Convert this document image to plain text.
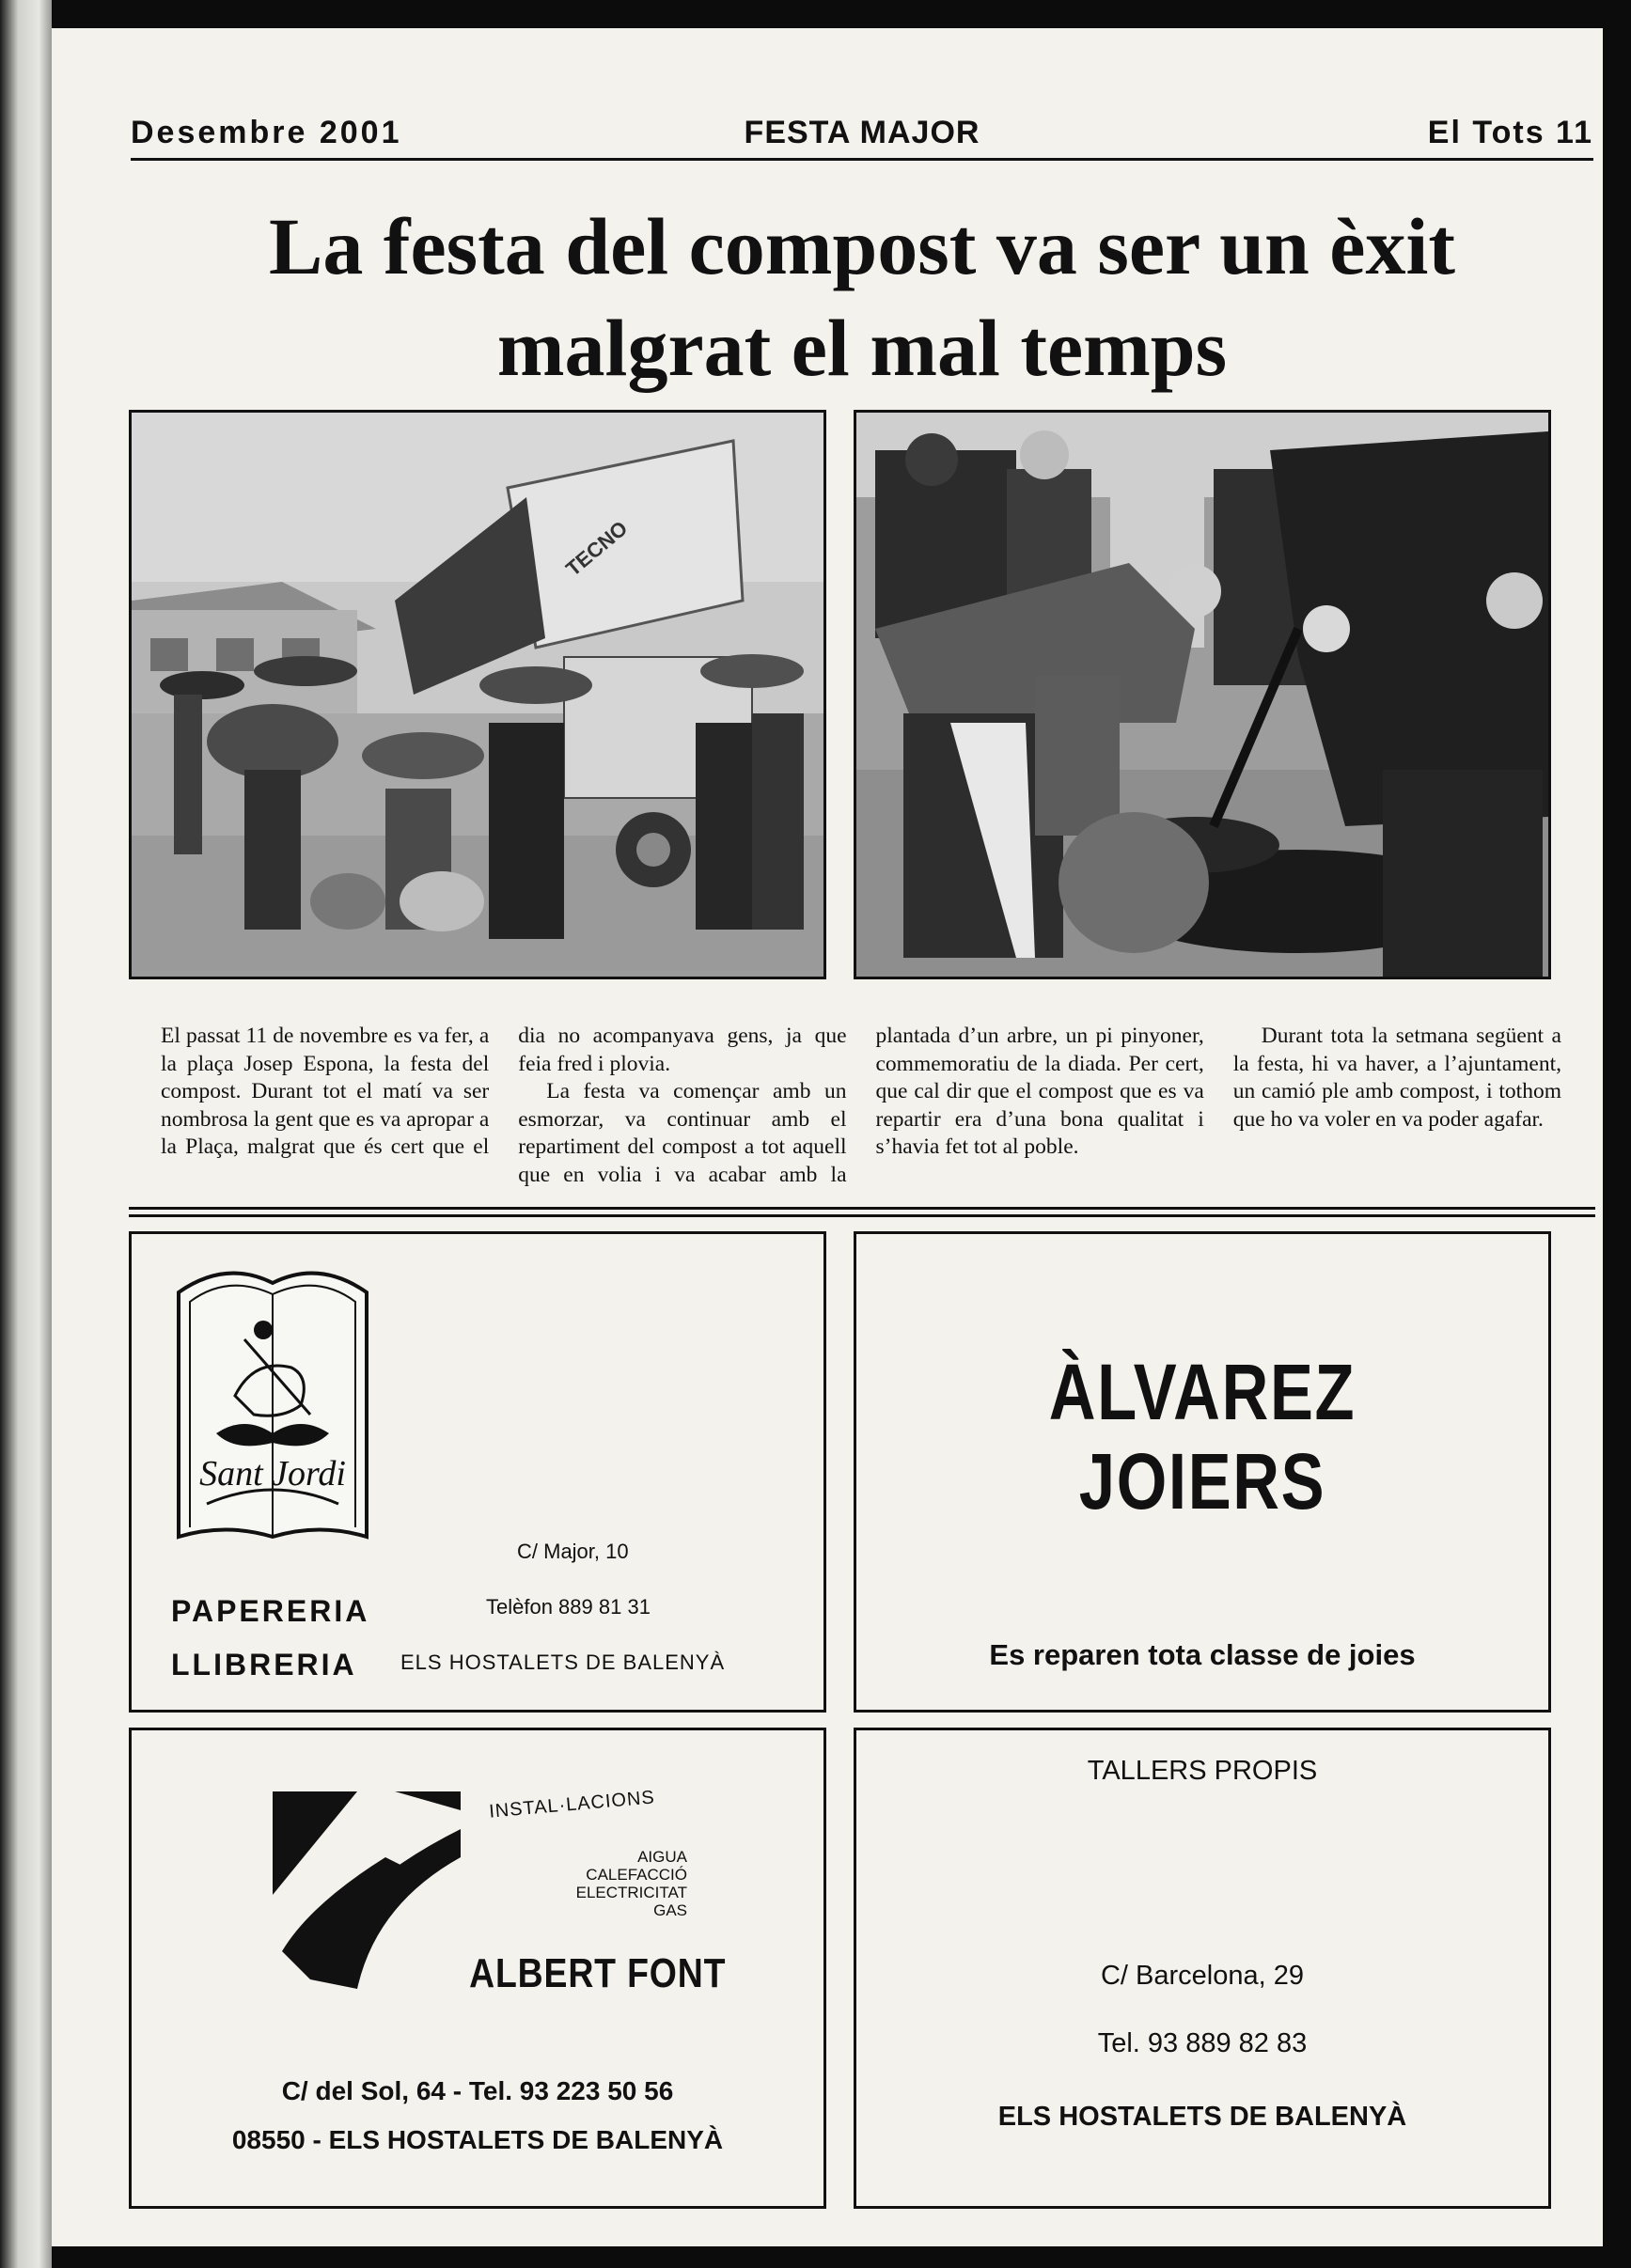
Desembre 2001	FESTA MAJOR	El Tots 11
La festa del compost va ser un èxit
malgrat el mal temps
TECNO

El passat 11 de novembre es va fer, a la plaça Josep Espona, la festa del compost. Durant tot el matí va ser nombrosa la gent que es va apropar a la Plaça, malgrat que és cert que el dia no acompanyava gens, ja que feia fred i plovia.

La festa va començar amb un esmorzar, va continuar amb el repartiment del compost a tot aquell que en volia i va acabar amb la plantada d’un arbre, un pi pinyoner, commemoratiu de la diada. Per cert, que cal dir que el compost que es va repartir era d’una bona qualitat i s’havia fet tot al poble.

Durant tota la setmana següent a la festa, hi va haver, a l’ajuntament, un camió ple amb compost, i tothom que ho va voler en va poder agafar.

Sant Jordi
PAPERERIA
LLIBRERIA
C/ Major, 10
Telèfon 889 81 31
ELS HOSTALETS DE BALENYÀ
ÀLVAREZ
JOIERS
Es reparen tota classe de joies
INSTAL·LACIONS
AIGUA
CALEFACCIÓ
ELECTRICITAT
GAS
ALBERT FONT
C/ del Sol, 64 - Tel. 93 223 50 56
08550 - ELS HOSTALETS DE BALENYÀ
TALLERS PROPIS
C/ Barcelona, 29
Tel. 93 889 82 83
ELS HOSTALETS DE BALENYÀ
